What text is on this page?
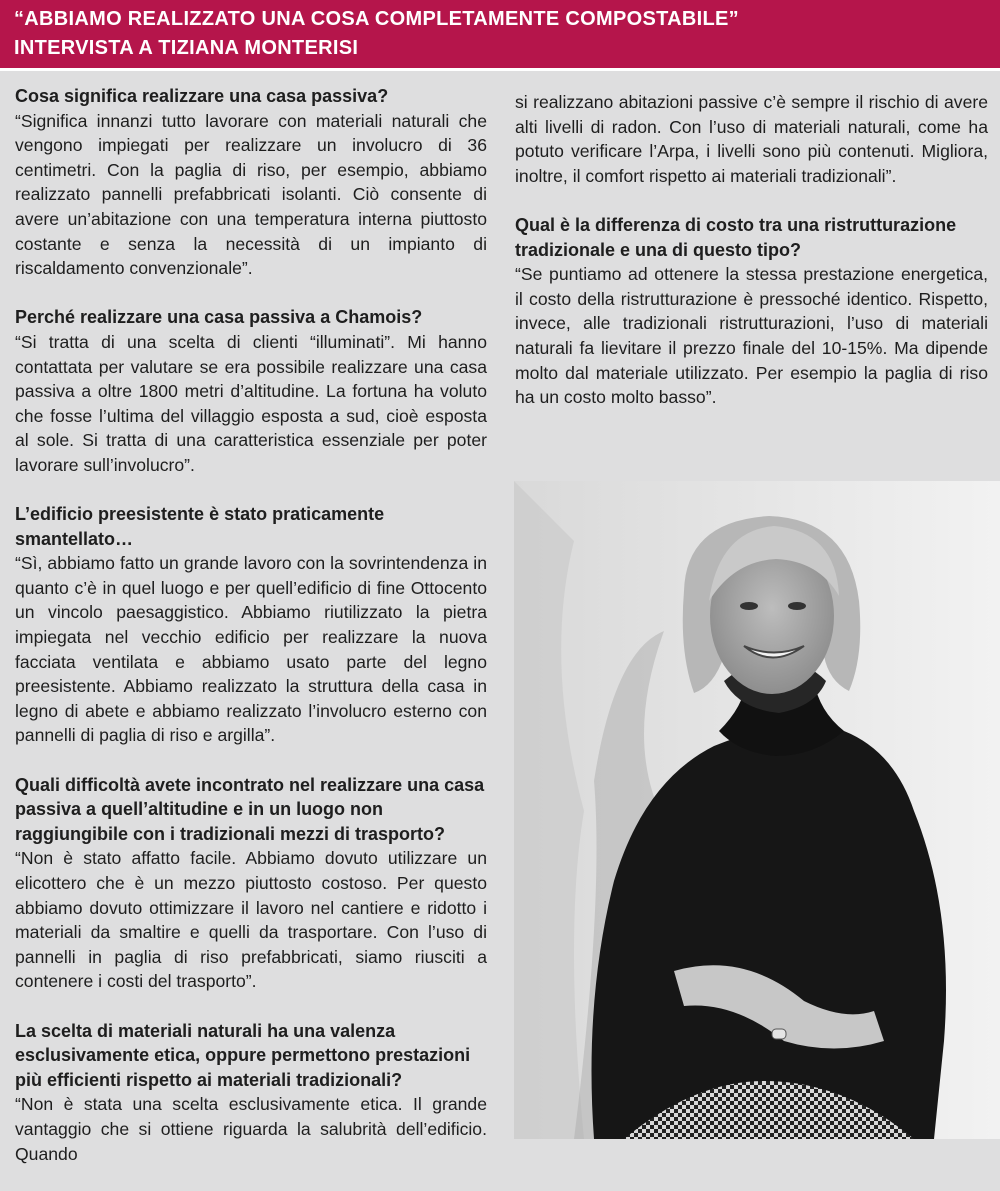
“ABBIAMO REALIZZATO UNA COSA COMPLETAMENTE COMPOSTABILE”
INTERVISTA A TIZIANA MONTERISI

Cosa significa realizzare una casa passiva?

“Significa innanzi tutto lavorare con materiali naturali che vengono impiegati per realizzare un involucro di 36 centimetri. Con la paglia di riso, per esempio, abbiamo realizzato pannelli prefabbricati isolanti. Ciò consente di avere un’abitazione con una temperatura interna piuttosto costante e senza la necessità di un impianto di riscaldamento convenzionale”.

Perché realizzare una casa passiva a Chamois?

“Si tratta di una scelta di clienti “illuminati”. Mi hanno contattata per valutare se era possibile realizzare una casa passiva a oltre 1800 metri d’altitudine. La fortuna ha voluto che fosse l’ultima del villaggio esposta a sud, cioè esposta al sole. Si tratta di una caratteristica essenziale per poter lavorare sull’involucro”.

L’edificio preesistente è stato praticamente smantellato…

“Sì, abbiamo fatto un grande lavoro con la sovrintendenza in quanto c’è in quel luogo e per quell’edificio di fine Ottocento un vincolo paesaggistico. Abbiamo riutilizzato la pietra impiegata nel vecchio edificio per realizzare la nuova facciata ventilata e abbiamo usato parte del legno preesistente. Abbiamo realizzato la struttura della casa in legno di abete e abbiamo realizzato l’involucro esterno con pannelli di paglia di riso e argilla”.

Quali difficoltà avete incontrato nel realizzare una casa passiva a quell’altitudine e in un luogo non raggiungibile con i tradizionali mezzi di trasporto?

“Non è stato affatto facile. Abbiamo dovuto utilizzare un elicottero che è un mezzo piuttosto costoso. Per questo abbiamo dovuto ottimizzare il lavoro nel cantiere e ridotto i materiali da smaltire e quelli da trasportare. Con l’uso di pannelli in paglia di riso prefabbricati, siamo riusciti a contenere i costi del trasporto”.

La scelta di materiali naturali ha una valenza esclusivamente etica, oppure permettono prestazioni più efficienti rispetto ai materiali tradizionali?

“Non è stata una scelta esclusivamente etica. Il grande vantaggio che si ottiene riguarda la salubrità dell’edificio. Quando

si realizzano abitazioni passive c’è sempre il rischio di avere alti livelli di radon. Con l’uso di materiali naturali, come ha potuto verificare l’Arpa, i livelli sono più contenuti. Migliora, inoltre, il comfort rispetto ai materiali tradizionali”.

Qual è la differenza di costo tra una ristrutturazione tradizionale e una di questo tipo?

“Se puntiamo ad ottenere la stessa prestazione energetica, il costo della ristrutturazione è pressoché identico. Rispetto, invece, alle tradizionali ristrutturazioni, l’uso di materiali naturali fa lievitare il prezzo finale del 10-15%. Ma dipende molto dal materiale utilizzato. Per esempio la paglia di riso ha un costo molto basso”.
